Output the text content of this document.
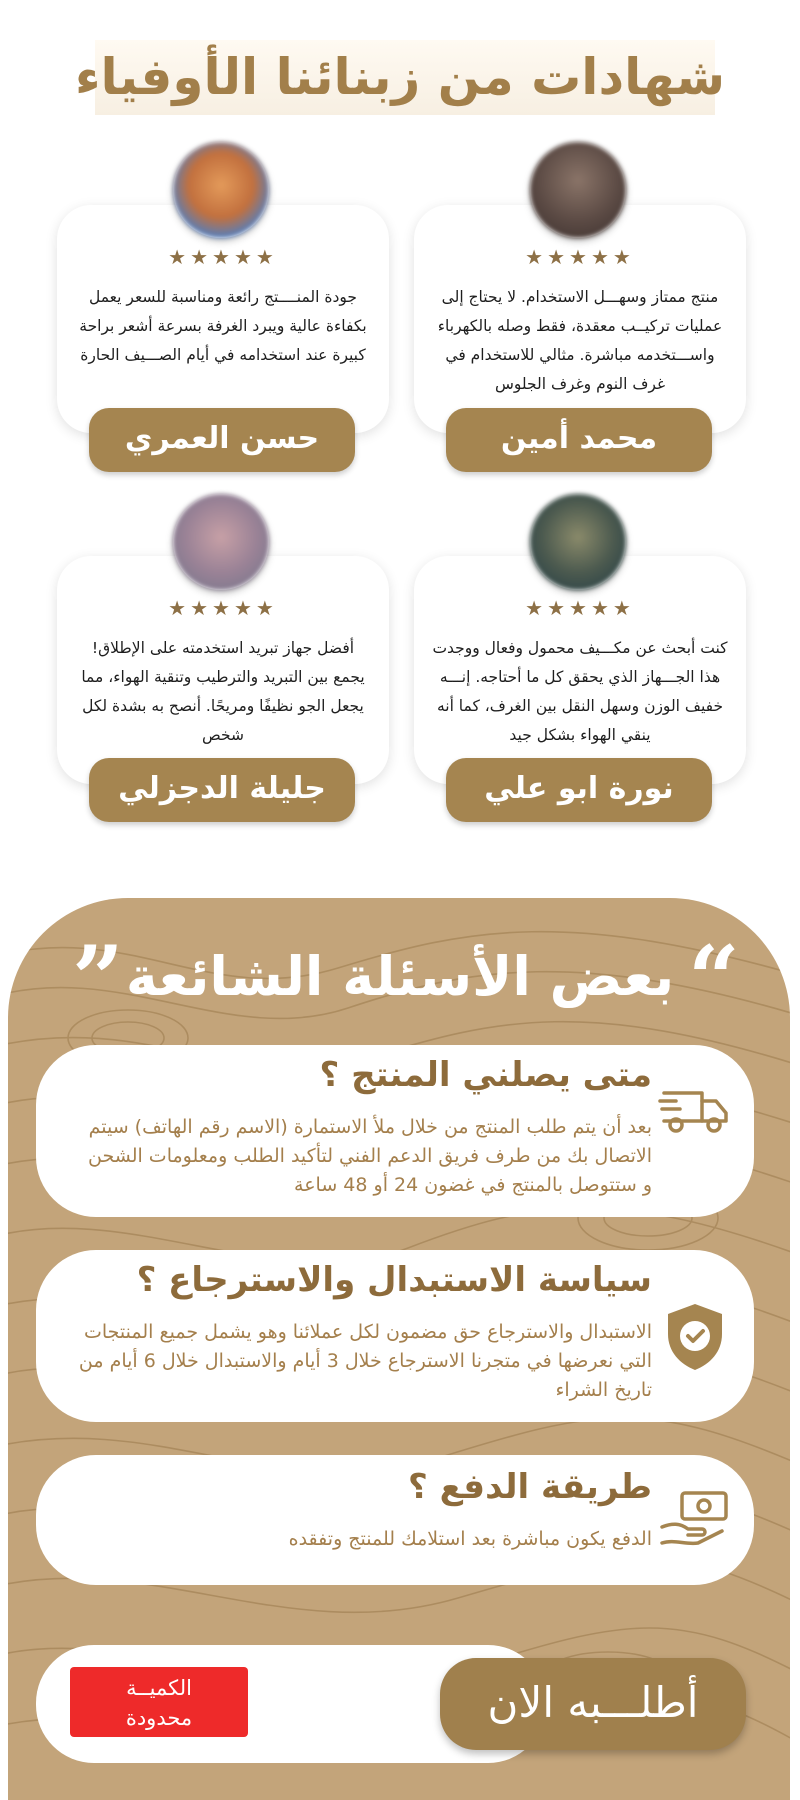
شهادات من زبنائنا الأوفياء
★★★★★

منتج ممتاز وسهـــل الاستخدام. لا يحتاج إلى عمليات تركيــب معقدة، فقط وصله بالكهرباء واســـتخدمه مباشرة. مثالي للاستخدام في غرف النوم وغرف الجلوس

محمد أمين
★★★★★

جودة المنــــتج رائعة ومناسبة للسعر يعمل بكفاءة عالية ويبرد الغرفة بسرعة أشعر براحة كبيرة عند استخدامه في أيام الصـــيف الحارة

حسن العمري
★★★★★

كنت أبحث عن مكـــيف محمول وفعال ووجدت هذا الجـــهاز الذي يحقق كل ما أحتاجه. إنـــه خفيف الوزن وسهل النقل بين الغرف، كما أنه ينقي الهواء بشكل جيد

نورة ابو علي
★★★★★

أفضل جهاز تبريد استخدمته على الإطلاق! يجمع بين التبريد والترطيب وتنقية الهواء، مما يجعل الجو نظيفًا ومريحًا. أنصح به بشدة لكل شخص

جليلة الدجزلي
“
بعض الأسئلة الشائعة
”
متى يصلني المنتج ؟

بعد أن يتم طلب المنتج من خلال ملأ الاستمارة (الاسم رقم الهاتف) سيتم الاتصال بك من طرف فريق الدعم الفني لتأكيد الطلب ومعلومات الشحن و ستتوصل بالمنتج في غضون 24 أو 48 ساعة

سياسة الاستبدال والاسترجاع ؟

الاستبدال والاسترجاع حق مضمون لكل عملائنا وهو يشمل جميع المنتجات التي نعرضها في متجرنا الاسترجاع خلال 3 أيام والاستبدال خلال 6 أيام من تاريخ الشراء

طريقة الدفع ؟

الدفع يكون مباشرة بعد استلامك للمنتج وتفقده

الكميــة
محدودة	أطلـــبه الان
